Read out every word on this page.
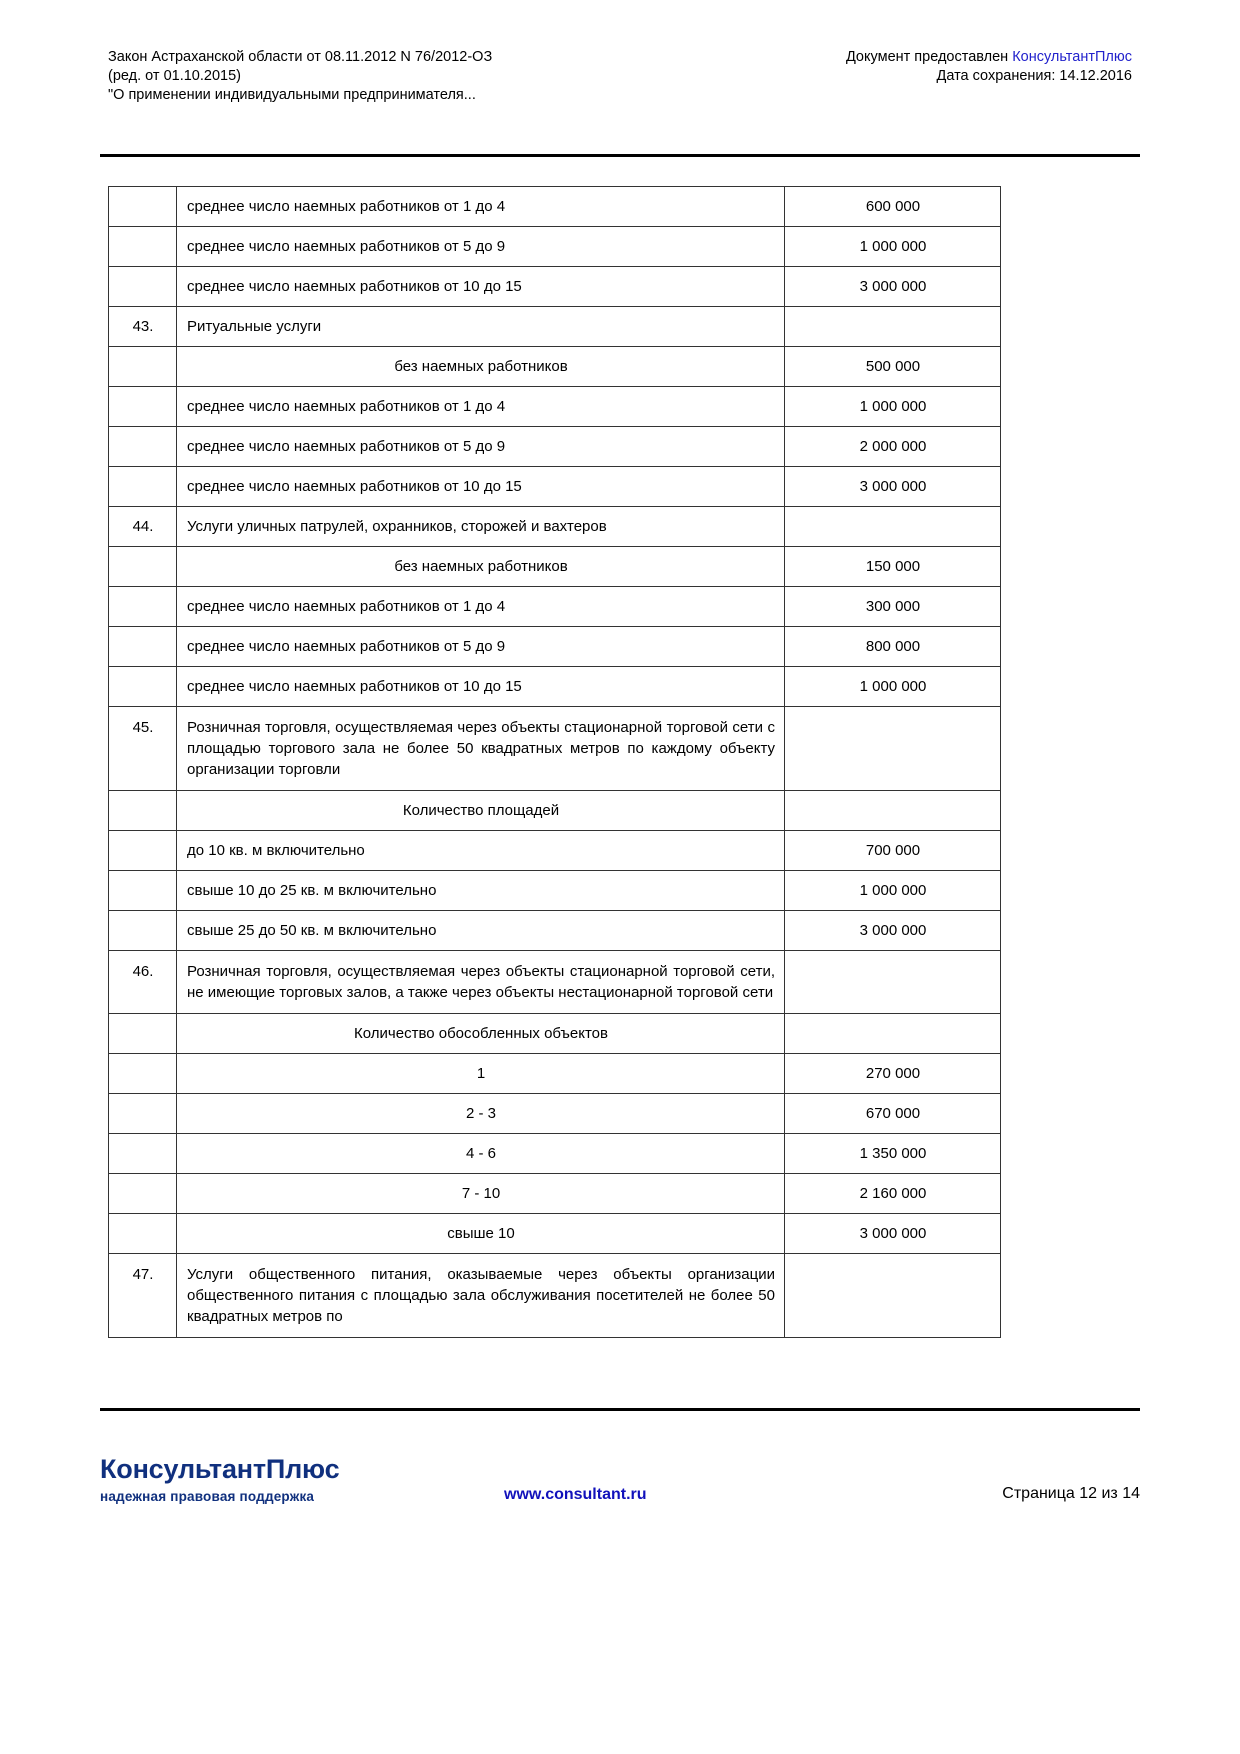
Закон Астраханской области от 08.11.2012 N 76/2012-ОЗ
(ред. от 01.10.2015)
"О применении индивидуальными предпринимателя...
Документ предоставлен КонсультантПлюс
Дата сохранения: 14.12.2016
	среднее число наемных работников от 1 до 4	600 000
	среднее число наемных работников от 5 до 9	1 000 000
	среднее число наемных работников от 10 до 15	3 000 000
43.	Ритуальные услуги	
	без наемных работников	500 000
	среднее число наемных работников от 1 до 4	1 000 000
	среднее число наемных работников от 5 до 9	2 000 000
	среднее число наемных работников от 10 до 15	3 000 000
44.	Услуги уличных патрулей, охранников, сторожей и вахтеров	
	без наемных работников	150 000
	среднее число наемных работников от 1 до 4	300 000
	среднее число наемных работников от 5 до 9	800 000
	среднее число наемных работников от 10 до 15	1 000 000
45.	Розничная торговля, осуществляемая через объекты стационарной торговой сети с площадью торгового зала не более 50 квадратных метров по каждому объекту организации торговли	
	Количество площадей	
	до 10 кв. м включительно	700 000
	свыше 10 до 25 кв. м включительно	1 000 000
	свыше 25 до 50 кв. м включительно	3 000 000
46.	Розничная торговля, осуществляемая через объекты стационарной торговой сети, не имеющие торговых залов, а также через объекты нестационарной торговой сети	
	Количество обособленных объектов	
	1	270 000
	2 - 3	670 000
	4 - 6	1 350 000
	7 - 10	2 160 000
	свыше 10	3 000 000
47.	Услуги общественного питания, оказываемые через объекты организации общественного питания с площадью зала обслуживания посетителей не более 50 квадратных метров по	
КонсультантПлюс
надежная правовая поддержка	www.consultant.ru	Страница 12 из 14
